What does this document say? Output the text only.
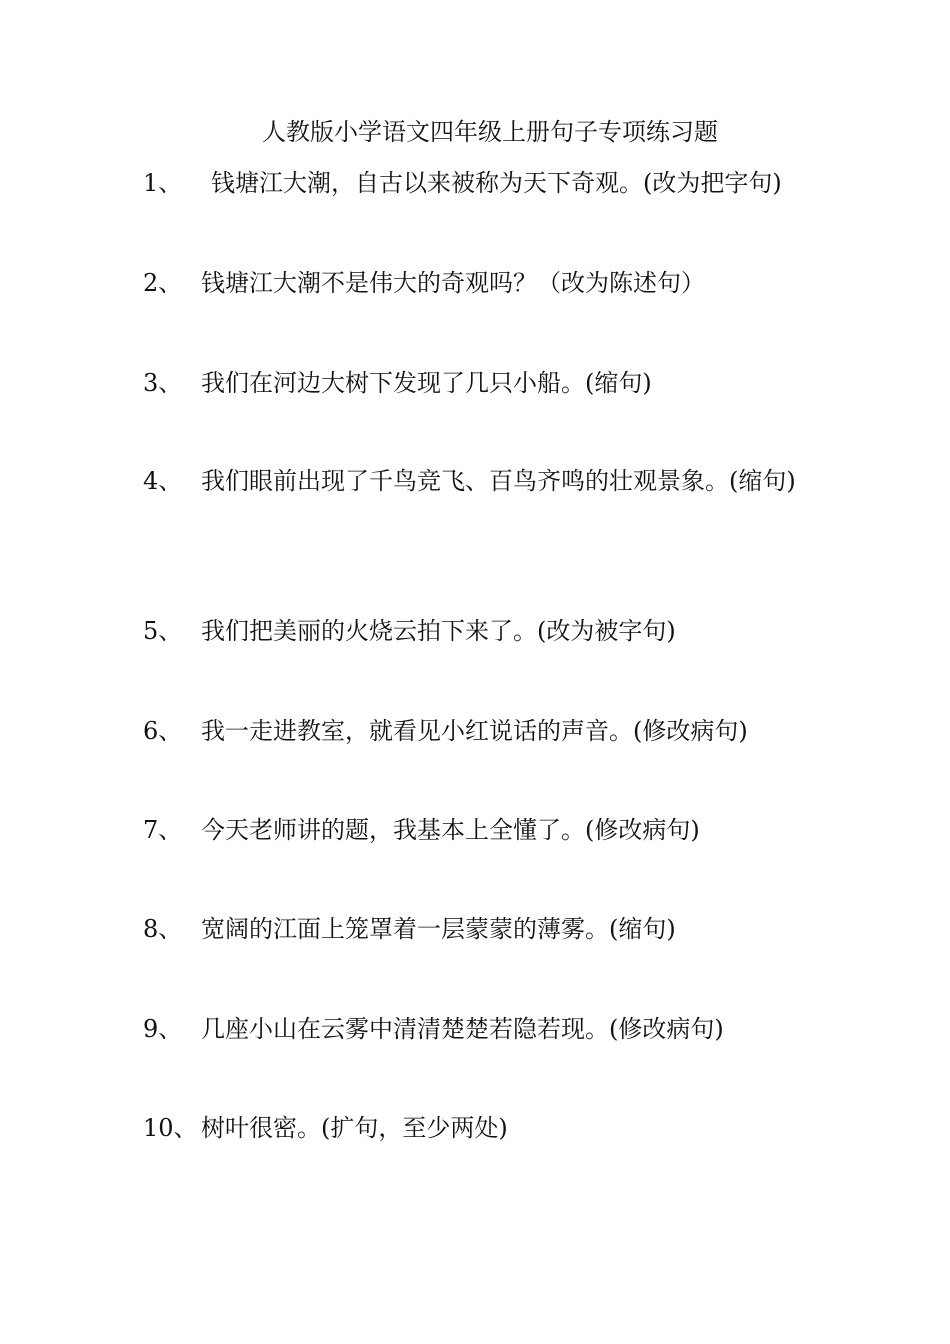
人教版小学语文四年级上册句子专项练习题
1、	钱塘江大潮，自古以来被称为天下奇观。(改为把字句)
2、 钱塘江大潮不是伟大的奇观吗？（改为陈述句）
3、 我们在河边大树下发现了几只小船。(缩句)
4、 我们眼前出现了千鸟竞飞、百鸟齐鸣的壮观景象。(缩句)
5、 我们把美丽的火烧云拍下来了。(改为被字句)
6、 我一走进教室，就看见小红说话的声音。(修改病句)
7、 今天老师讲的题，我基本上全懂了。(修改病句)
8、 宽阔的江面上笼罩着一层蒙蒙的薄雾。(缩句)
9、 几座小山在云雾中清清楚楚若隐若现。(修改病句)
10、 树叶很密。(扩句，至少两处)
